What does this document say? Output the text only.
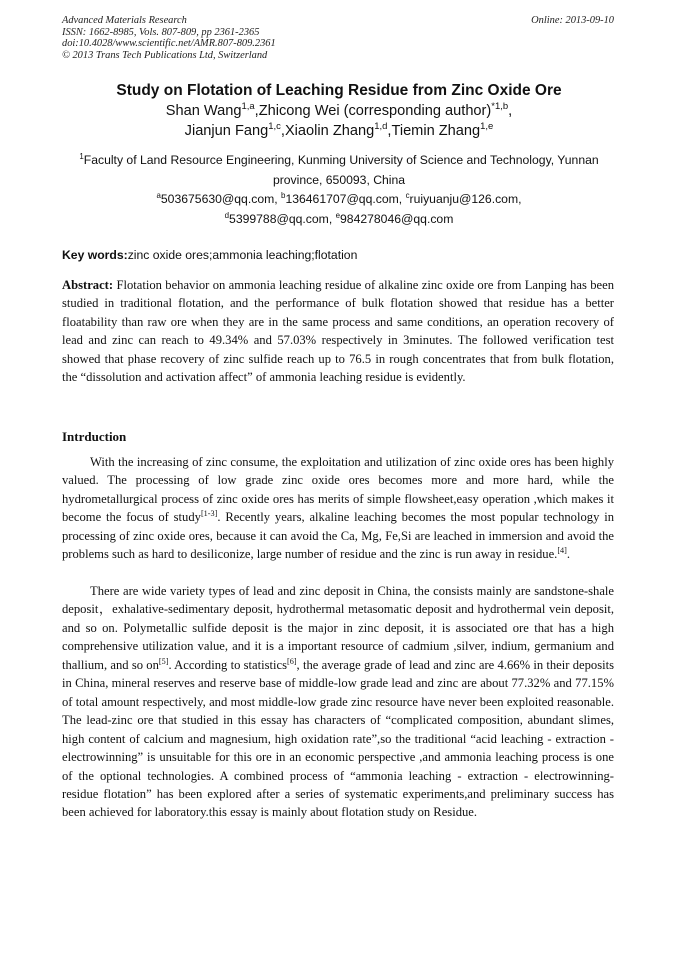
Advanced Materials Research
ISSN: 1662-8985, Vols. 807-809, pp 2361-2365
doi:10.4028/www.scientific.net/AMR.807-809.2361
© 2013 Trans Tech Publications Ltd, Switzerland
Online: 2013-09-10
Study on Flotation of Leaching Residue from Zinc Oxide Ore
Shan Wang$^{1,a}$,Zhicong Wei (corresponding author)$^{*1,b}$,
Jianjun Fang$^{1,c}$,Xiaolin Zhang$^{1,d}$,Tiemin Zhang$^{1,e}$
$^1$Faculty of Land Resource Engineering, Kunming University of Science and Technology, Yunnan
province, 650093, China
$^a$503675630@qq.com, $^b$136461707@qq.com, $^c$ruiyuanju@126.com,
$^d$5399788@qq.com, $^e$984278046@qq.com
Key words:zinc oxide ores;ammonia leaching;flotation
Abstract: Flotation behavior on ammonia leaching residue of alkaline zinc oxide ore from Lanping has been studied in traditional flotation, and the performance of bulk flotation showed that residue has a better floatability than raw ore when they are in the same process and same conditions, an operation recovery of lead and zinc can reach to 49.34% and 57.03% respectively in 3minutes. The followed verification test showed that phase recovery of zinc sulfide reach up to 76.5 in rough concentrates that from bulk flotation, the “dissolution and activation affect” of ammonia leaching residue is evidently.
Intrduction
With the increasing of zinc consume, the exploitation and utilization of zinc oxide ores has been highly valued. The processing of low grade zinc oxide ores becomes more and more hard, while the hydrometallurgical process of zinc oxide ores has merits of simple flowsheet,easy operation ,which makes it become the focus of study[1-3]. Recently years, alkaline leaching becomes the most popular technology in processing of zinc oxide ores, because it can avoid the Ca, Mg, Fe,Si are leached in immersion and avoid the problems such as hard to desiliconize, large number of residue and the zinc is run away in residue.[4].
There are wide variety types of lead and zinc deposit in China, the consists mainly are sandstone-shale deposit，exhalative-sedimentary deposit, hydrothermal metasomatic deposit and hydrothermal vein deposit, and so on. Polymetallic sulfide deposit is the major in zinc deposit, it is associated ore that has a high comprehensive utilization value, and it is a important resource of cadmium ,silver, indium, germanium and thallium, and so on[5]. According to statistics[6], the average grade of lead and zinc are 4.66% in their deposits in China, mineral reserves and reserve base of middle-low grade lead and zinc are about 77.32% and 77.15% of total amount respectively, and most middle-low grade zinc resource have never been exploited reasonable. The lead-zinc ore that studied in this essay has characters of “complicated composition, abundant slimes, high content of calcium and magnesium, high oxidation rate”,so the traditional “acid leaching - extraction - electrowinning” is unsuitable for this ore in an economic perspective ,and ammonia leaching process is one of the optional technologies. A combined process of “ammonia leaching - extraction - electrowinning- residue flotation” has been explored after a series of systematic experiments,and preliminary success has been achieved for laboratory.this essay is mainly about flotation study on Residue.
